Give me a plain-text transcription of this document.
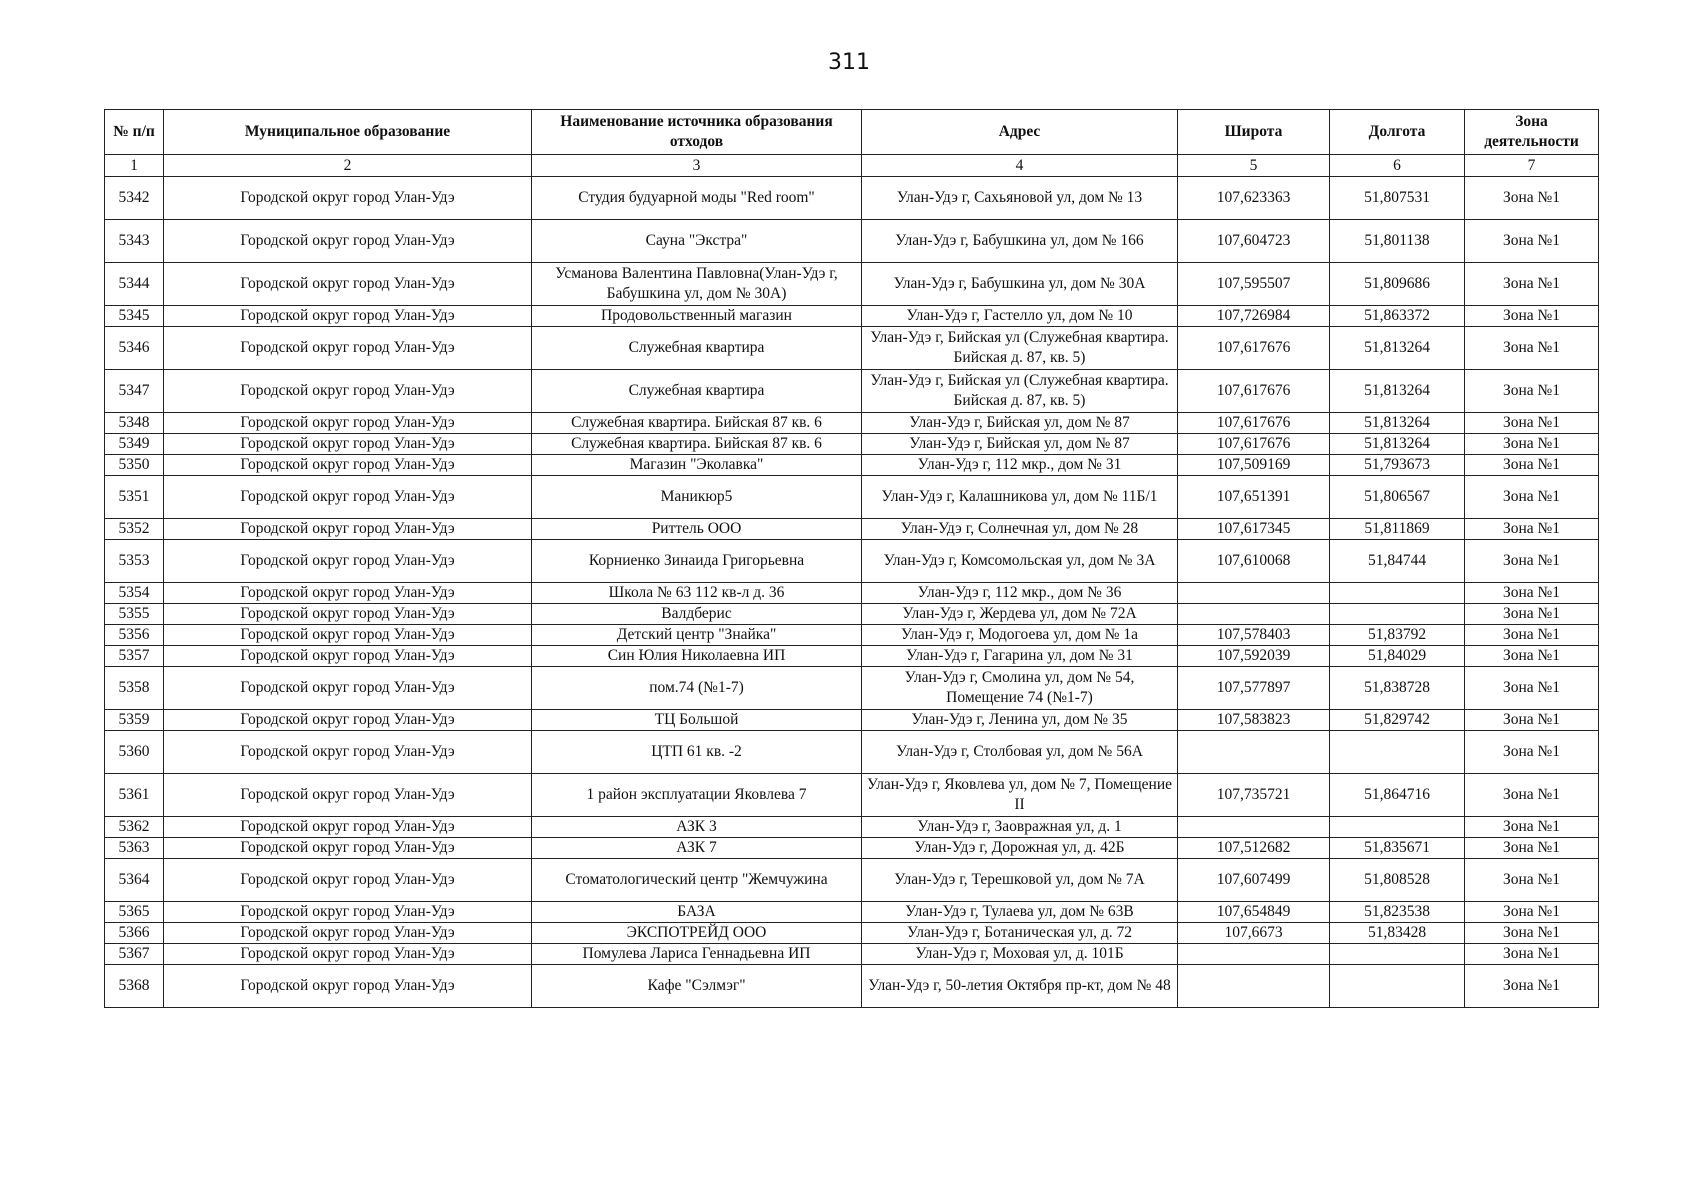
311
№ п/п	Муниципальное образование	Наименование источника образования отходов	Адрес	Широта	Долгота	Зона деятельности
1	2	3	4	5	6	7
5342	Городской округ город Улан-Удэ	Студия будуарной моды "Red room"	Улан-Удэ г, Сахьяновой ул, дом № 13	107,623363	51,807531	Зона №1
5343	Городской округ город Улан-Удэ	Сауна "Экстра"	Улан-Удэ г, Бабушкина ул, дом № 166	107,604723	51,801138	Зона №1
5344	Городской округ город Улан-Удэ	Усманова Валентина Павловна(Улан-Удэ г, Бабушкина ул, дом № 30А)	Улан-Удэ г, Бабушкина ул, дом № 30А	107,595507	51,809686	Зона №1
5345	Городской округ город Улан-Удэ	Продовольственный магазин	Улан-Удэ г, Гастелло ул, дом № 10	107,726984	51,863372	Зона №1
5346	Городской округ город Улан-Удэ	Служебная квартира	Улан-Удэ г, Бийская ул (Служебная квартира. Бийская д. 87, кв. 5)	107,617676	51,813264	Зона №1
5347	Городской округ город Улан-Удэ	Служебная квартира	Улан-Удэ г, Бийская ул (Служебная квартира. Бийская д. 87, кв. 5)	107,617676	51,813264	Зона №1
5348	Городской округ город Улан-Удэ	Служебная квартира. Бийская 87 кв. 6	Улан-Удэ г, Бийская ул, дом № 87	107,617676	51,813264	Зона №1
5349	Городской округ город Улан-Удэ	Служебная квартира. Бийская 87 кв. 6	Улан-Удэ г, Бийская ул, дом № 87	107,617676	51,813264	Зона №1
5350	Городской округ город Улан-Удэ	Магазин "Эколавка"	Улан-Удэ г, 112 мкр., дом № 31	107,509169	51,793673	Зона №1
5351	Городской округ город Улан-Удэ	Маникюр5	Улан-Удэ г, Калашникова ул, дом № 11Б/1	107,651391	51,806567	Зона №1
5352	Городской округ город Улан-Удэ	Риттель ООО	Улан-Удэ г, Солнечная ул, дом № 28	107,617345	51,811869	Зона №1
5353	Городской округ город Улан-Удэ	Корниенко Зинаида Григорьевна	Улан-Удэ г, Комсомольская ул, дом № 3А	107,610068	51,84744	Зона №1
5354	Городской округ город Улан-Удэ	Школа № 63 112 кв-л д. 36	Улан-Удэ г, 112 мкр., дом № 36			Зона №1
5355	Городской округ город Улан-Удэ	Валдберис	Улан-Удэ г, Жердева ул, дом № 72А			Зона №1
5356	Городской округ город Улан-Удэ	Детский центр "Знайка"	Улан-Удэ г, Модогоева ул, дом № 1а	107,578403	51,83792	Зона №1
5357	Городской округ город Улан-Удэ	Син Юлия Николаевна ИП	Улан-Удэ г, Гагарина ул, дом № 31	107,592039	51,84029	Зона №1
5358	Городской округ город Улан-Удэ	пом.74 (№1-7)	Улан-Удэ г, Смолина ул, дом № 54, Помещение 74 (№1-7)	107,577897	51,838728	Зона №1
5359	Городской округ город Улан-Удэ	ТЦ Большой	Улан-Удэ г, Ленина ул, дом № 35	107,583823	51,829742	Зона №1
5360	Городской округ город Улан-Удэ	ЦТП 61 кв. -2	Улан-Удэ г, Столбовая ул, дом № 56А			Зона №1
5361	Городской округ город Улан-Удэ	1 район эксплуатации Яковлева 7	Улан-Удэ г, Яковлева ул, дом № 7, Помещение II	107,735721	51,864716	Зона №1
5362	Городской округ город Улан-Удэ	АЗК 3	Улан-Удэ г, Заовражная ул, д. 1			Зона №1
5363	Городской округ город Улан-Удэ	АЗК 7	Улан-Удэ г, Дорожная ул, д. 42Б	107,512682	51,835671	Зона №1
5364	Городской округ город Улан-Удэ	Стоматологический центр "Жемчужина	Улан-Удэ г, Терешковой ул, дом № 7А	107,607499	51,808528	Зона №1
5365	Городской округ город Улан-Удэ	БАЗА	Улан-Удэ г, Тулаева ул, дом № 63В	107,654849	51,823538	Зона №1
5366	Городской округ город Улан-Удэ	ЭКСПОТРЕЙД ООО	Улан-Удэ г, Ботаническая ул, д. 72	107,6673	51,83428	Зона №1
5367	Городской округ город Улан-Удэ	Помулева Лариса Геннадьевна ИП	Улан-Удэ г, Моховая ул, д. 101Б			Зона №1
5368	Городской округ город Улан-Удэ	Кафе "Сэлмэг"	Улан-Удэ г, 50-летия Октября пр-кт, дом № 48			Зона №1
